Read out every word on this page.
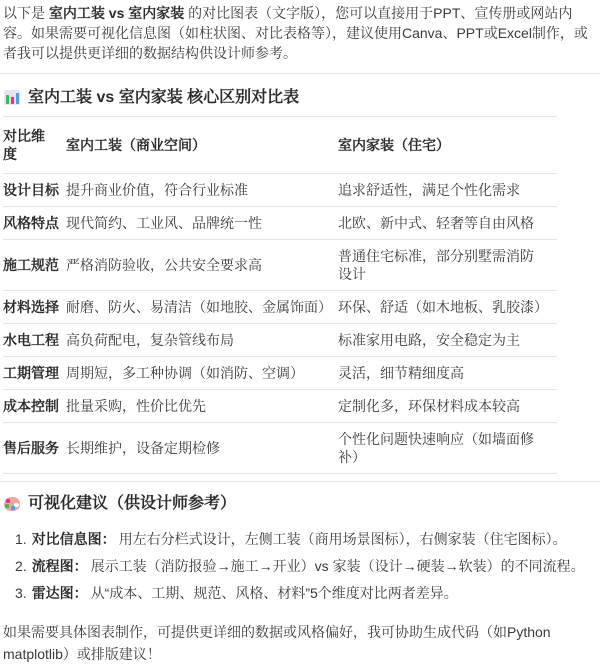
以下是 室内工装 vs 室内家装 的对比图表（文字版），您可以直接用于PPT、宣传册或网站内容。如果需要可视化信息图（如柱状图、对比表格等），建议使用Canva、PPT或Excel制作，或者我可以提供更详细的数据结构供设计师参考。

室内工装 vs 室内家装 核心区别对比表
对比维度	室内工装（商业空间）	室内家装（住宅）
设计目标	提升商业价值，符合行业标准	追求舒适性，满足个性化需求
风格特点	现代简约、工业风、品牌统一性	北欧、新中式、轻奢等自由风格
施工规范	严格消防验收，公共安全要求高	普通住宅标准，部分别墅需消防设计
材料选择	耐磨、防火、易清洁（如地胶、金属饰面）	环保、舒适（如木地板、乳胶漆）
水电工程	高负荷配电，复杂管线布局	标准家用电路，安全稳定为主
工期管理	周期短，多工种协调（如消防、空调）	灵活，细节精细度高
成本控制	批量采购，性价比优先	定制化多，环保材料成本较高
售后服务	长期维护，设备定期检修	个性化问题快速响应（如墙面修补）
可视化建议（供设计师参考）
1. 对比信息图： 用左右分栏式设计，左侧工装（商用场景图标），右侧家装（住宅图标）。
2. 流程图： 展示工装（消防报验→施工→开业）vs 家装（设计→硬装→软装）的不同流程。
3. 雷达图： 从“成本、工期、规范、风格、材料”5个维度对比两者差异。

如果需要具体图表制作，可提供更详细的数据或风格偏好，我可协助生成代码（如Python matplotlib）或排版建议！
